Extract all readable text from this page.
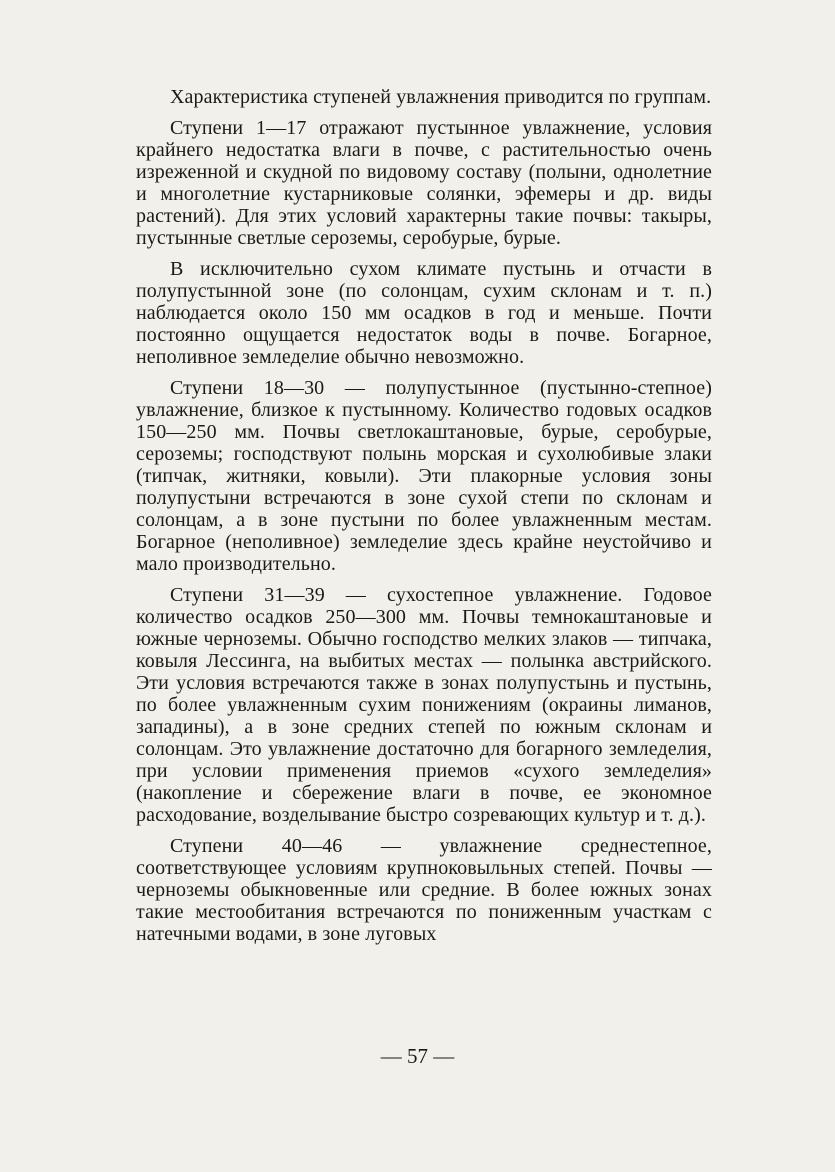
Характеристика ступеней увлажнения приводится по группам.

Ступени 1—17 отражают пустынное увлажнение, условия крайнего недостатка влаги в почве, с растительностью очень изреженной и скудной по видовому составу (полыни, однолетние и многолетние кустарниковые солянки, эфемеры и др. виды растений). Для этих условий характерны такие почвы: такыры, пустынные светлые сероземы, серобурые, бурые.

В исключительно сухом климате пустынь и отчасти в полупустынной зоне (по солонцам, сухим склонам и т. п.) наблюдается около 150 мм осадков в год и меньше. Почти постоянно ощущается недостаток воды в почве. Богарное, неполивное земледелие обычно невозможно.

Ступени 18—30 — полупустынное (пустынно-степное) увлажнение, близкое к пустынному. Количество годовых осадков 150—250 мм. Почвы светлокаштановые, бурые, серобурые, сероземы; господствуют полынь морская и сухолюбивые злаки (типчак, житняки, ковыли). Эти плакорные условия зоны полупустыни встречаются в зоне сухой степи по склонам и солонцам, а в зоне пустыни по более увлажненным местам. Богарное (неполивное) земледелие здесь крайне неустойчиво и мало производительно.

Ступени 31—39 — сухостепное увлажнение. Годовое количество осадков 250—300 мм. Почвы темнокаштановые и южные черноземы. Обычно господство мелких злаков — типчака, ковыля Лессинга, на выбитых местах — полынка австрийского. Эти условия встречаются также в зонах полупустынь и пустынь, по более увлажненным сухим понижениям (окраины лиманов, западины), а в зоне средних степей по южным склонам и солонцам. Это увлажнение достаточно для богарного земледелия, при условии применения приемов «сухого земледелия» (накопление и сбережение влаги в почве, ее экономное расходование, возделывание быстро созревающих культур и т. д.).

Ступени 40—46 — увлажнение среднестепное, соответствующее условиям крупноковыльных степей. Почвы — черноземы обыкновенные или средние. В более южных зонах такие местообитания встречаются по пониженным участкам с натечными водами, в зоне луговых

— 57 —
